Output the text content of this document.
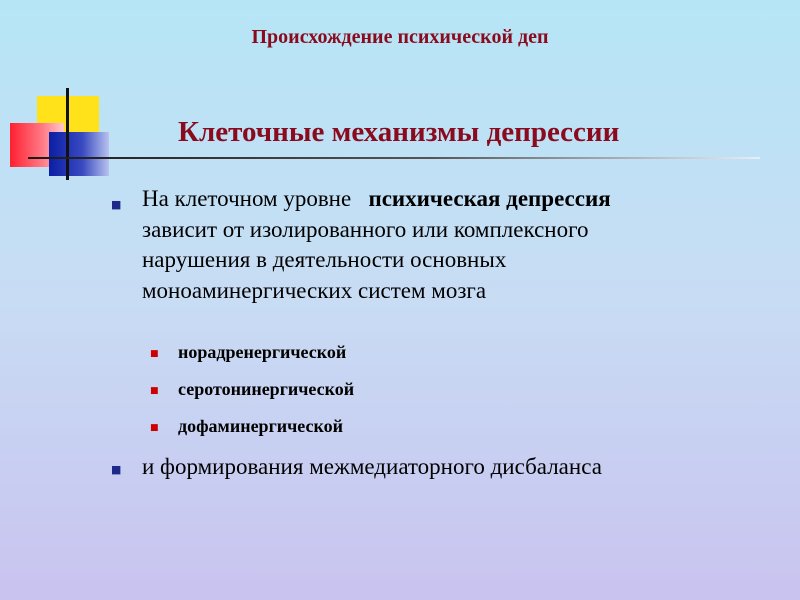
Происхождение психической деп
Клеточные механизмы депрессии
■ На клеточном уровне   психическая депрессия
зависит от изолированного или комплексного
нарушения в деятельности основных
моноаминергических систем мозга
■ норадренергической
■ серотонинергической
■ дофаминергической
■ и формирования межмедиаторного дисбаланса
